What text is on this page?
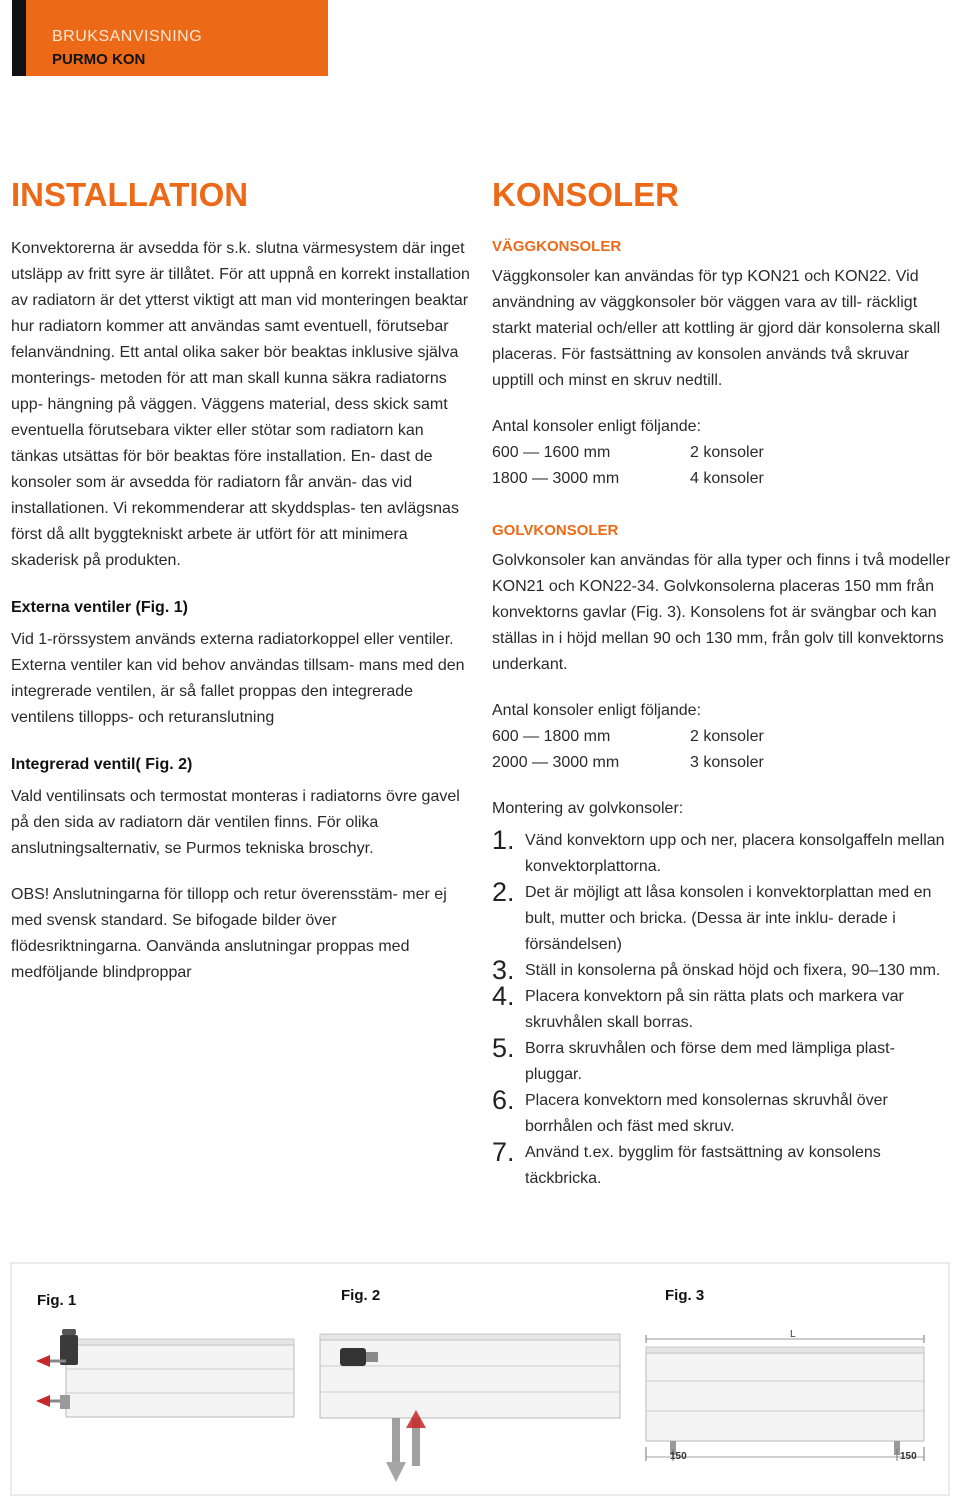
BRUKSANVISNING
PURMO KON
INSTALLATION

Konvektorerna är avsedda för s.k. slutna värmesystem där inget utsläpp av fritt syre är tillåtet. För att uppnå en korrekt installation av radiatorn är det ytterst viktigt att man vid monteringen beaktar hur radiatorn kommer att användas samt eventuell, förutsebar felanvändning. Ett antal olika saker bör beaktas inklusive själva monterings- metoden för att man skall kunna säkra radiatorns upp- hängning på väggen. Väggens material, dess skick samt eventuella förutsebara vikter eller stötar som radiatorn kan tänkas utsättas för bör beaktas före installation. En- dast de konsoler som är avsedda för radiatorn får använ- das vid installationen. Vi rekommenderar att skyddsplas- ten avlägsnas först då allt byggtekniskt arbete är utfört för att minimera skaderisk på produkten.

Externa ventiler (Fig. 1)

Vid 1-rörssystem används externa radiatorkoppel eller ventiler. Externa ventiler kan vid behov användas tillsam- mans med den integrerade ventilen, är så fallet proppas den integrerade ventilens tillopps- och returanslutning

Integrerad ventil( Fig. 2)

Vald ventilinsats och termostat monteras i radiatorns övre gavel på den sida av radiatorn där ventilen finns. För olika anslutningsalternativ, se Purmos tekniska broschyr.

OBS! Anslutningarna för tillopp och retur överensstäm- mer ej med svensk standard. Se bifogade bilder över flödesriktningarna. Oanvända anslutningar proppas med medföljande blindproppar

KONSOLER
VÄGGKONSOLER

Väggkonsoler kan användas för typ KON21 och KON22. Vid användning av väggkonsoler bör väggen vara av till- räckligt starkt material och/eller att kottling är gjord där konsolerna skall placeras. För fastsättning av konsolen används två skruvar upptill och minst en skruv nedtill.

Antal konsoler enligt följande:

600 — 1600 mm	2 konsoler
1800 — 3000 mm	4 konsoler
GOLVKONSOLER

Golvkonsoler kan användas för alla typer och finns i två modeller KON21 och KON22-34. Golvkonsolerna placeras 150 mm från konvektorns gavlar (Fig. 3). Konsolens fot är svängbar och kan ställas in i höjd mellan 90 och 130 mm, från golv till konvektorns underkant.

Antal konsoler enligt följande:

600 — 1800 mm	2 konsoler
2000 — 3000 mm	3 konsoler

Montering av golvkonsoler:

1. Vänd konvektorn upp och ner, placera konsolgaffeln mellan konvektorplattorna.
2. Det är möjligt att låsa konsolen i konvektorplattan med en bult, mutter och bricka. (Dessa är inte inklu- derade i försändelsen)
3. Ställ in konsolerna på önskad höjd och fixera, 90–130 mm.
4. Placera konvektorn på sin rätta plats och markera var skruvhålen skall borras.
5. Borra skruvhålen och förse dem med lämpliga plast- pluggar.
6. Placera konvektorn med konsolernas skruvhål över borrhålen och fäst med skruv.
7. Använd t.ex. bygglim för fastsättning av konsolens täckbricka.
Fig. 1	Fig. 2	Fig. 3
L
150	150
